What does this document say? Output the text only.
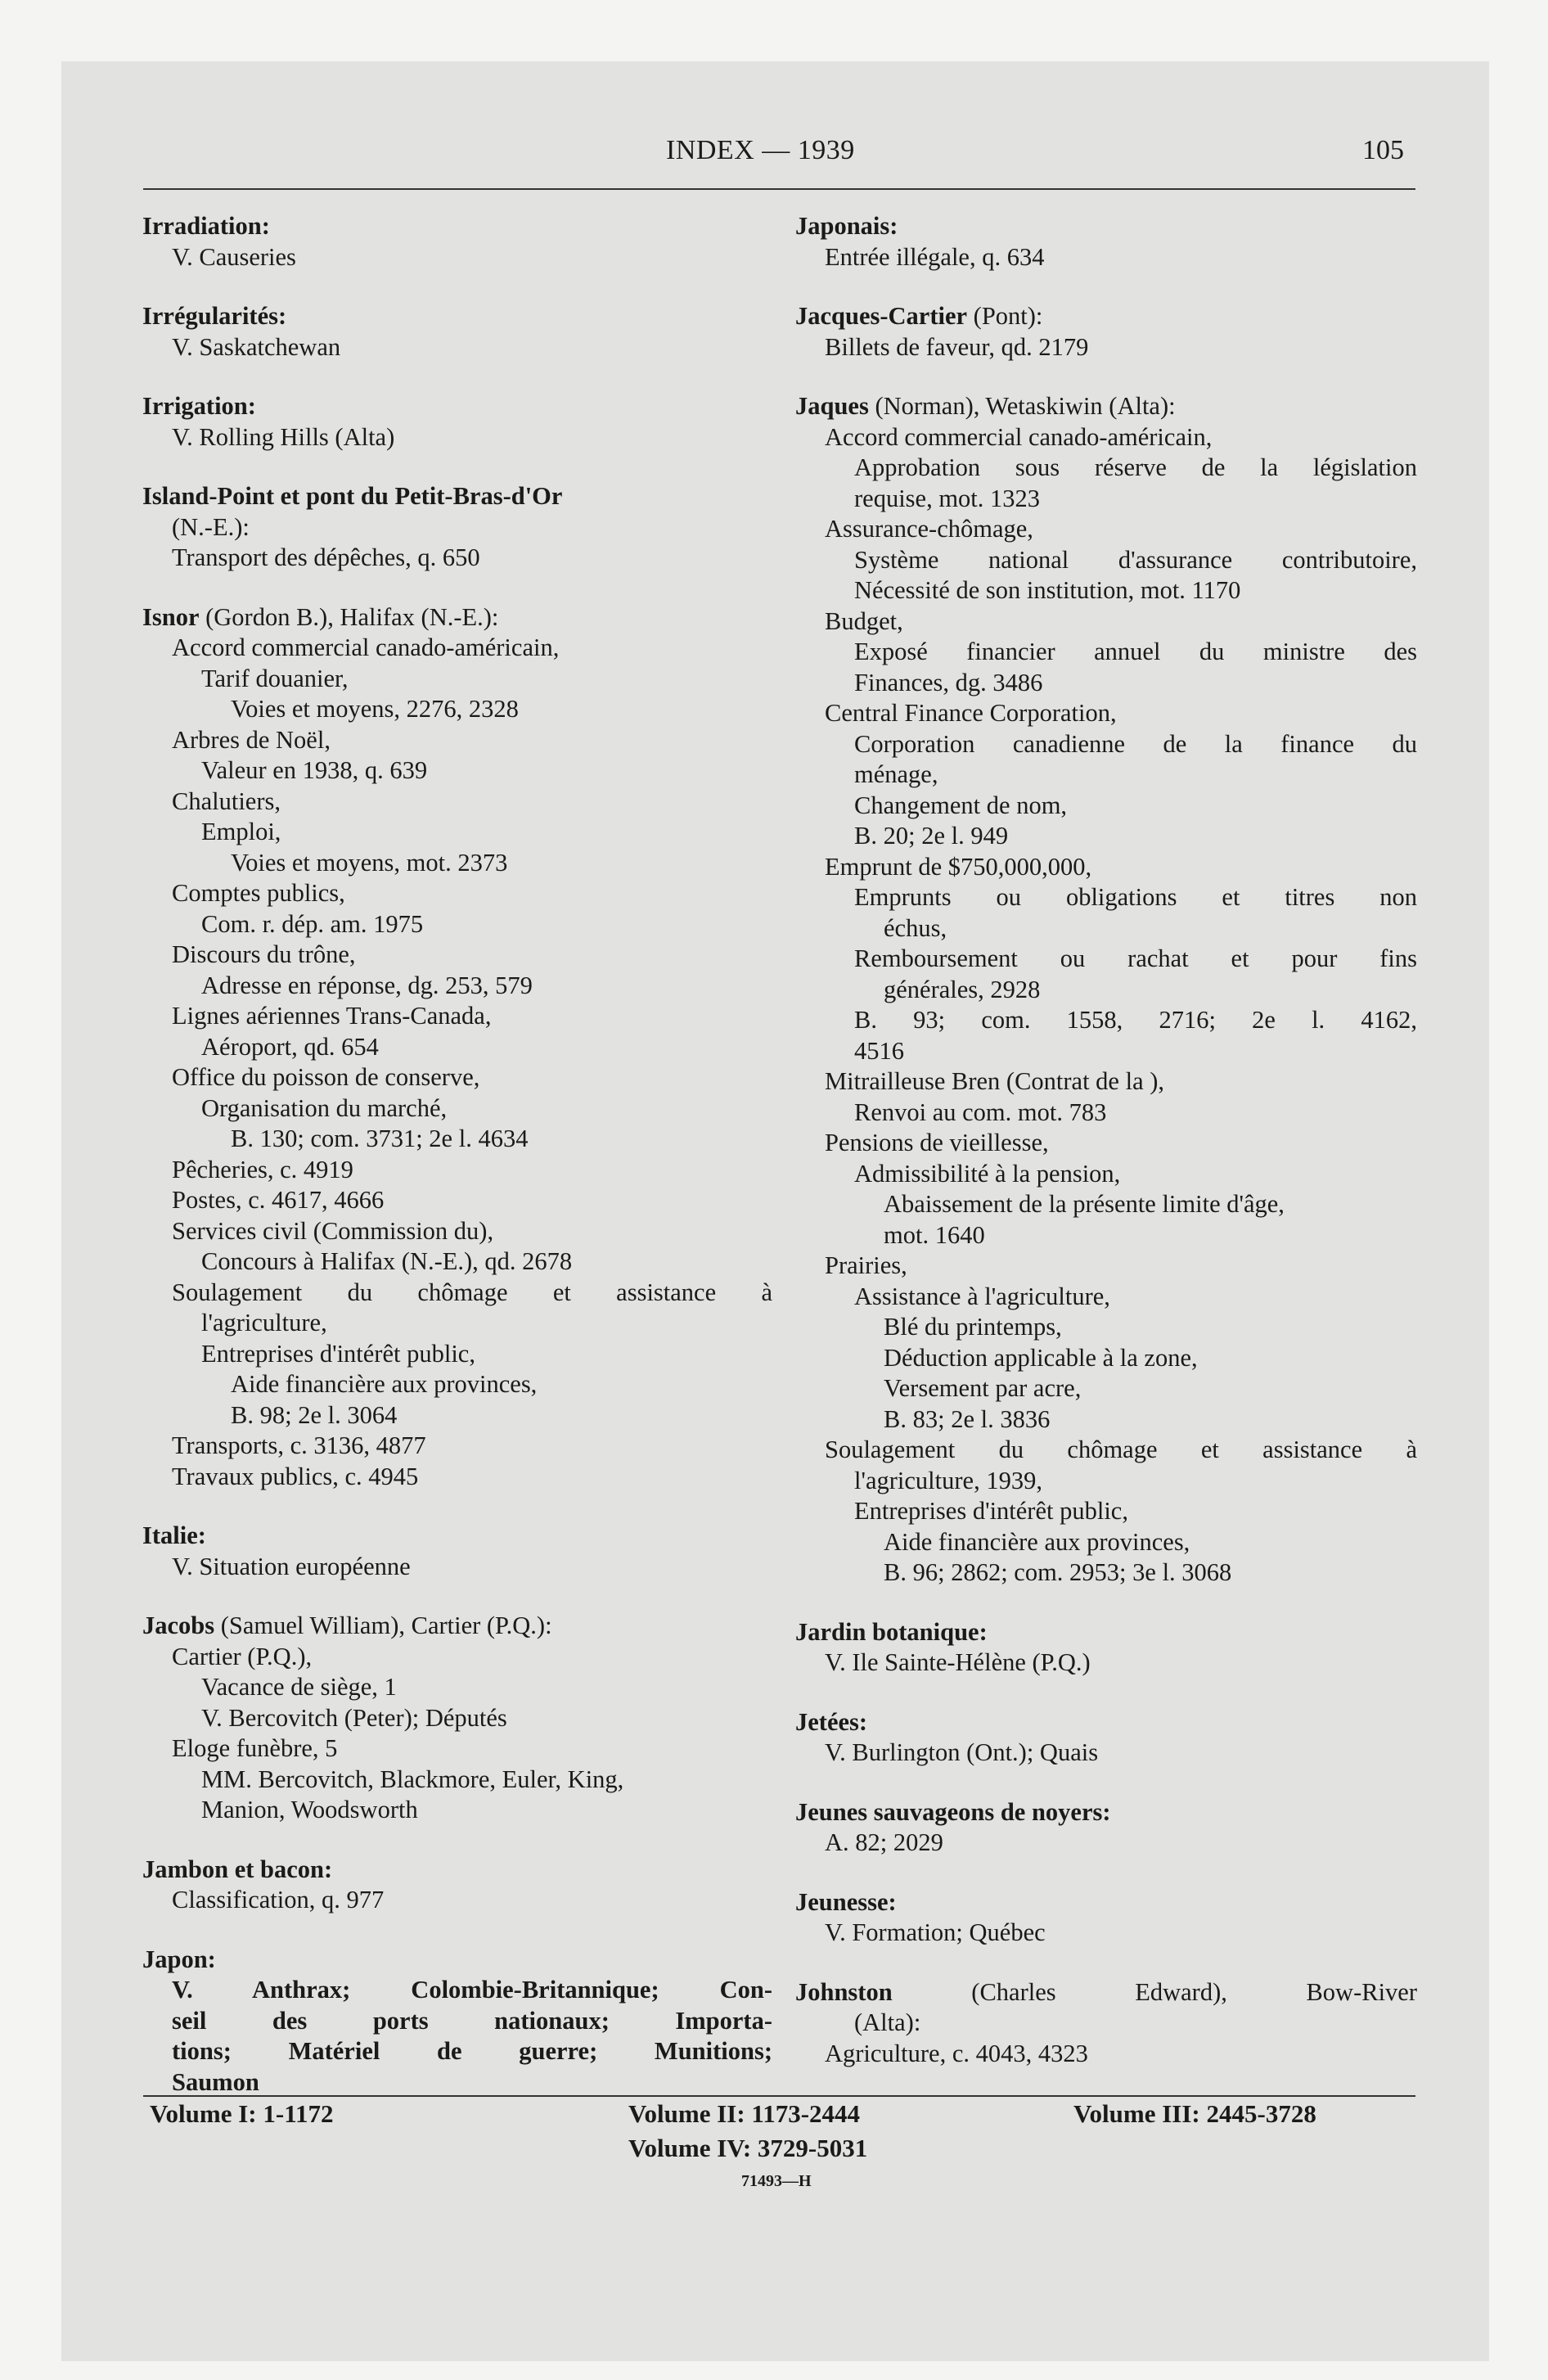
INDEX — 1939	105
Irradiation:
V. Causeries
Irrégularités:
V. Saskatchewan
Irrigation:
V. Rolling Hills (Alta)
Island-Point et pont du Petit-Bras-d'Or
(N.-E.):
Transport des dépêches, q. 650
Isnor (Gordon B.), Halifax (N.-E.):
Accord commercial canado-américain,
Tarif douanier,
Voies et moyens, 2276, 2328
Arbres de Noël,
Valeur en 1938, q. 639
Chalutiers,
Emploi,
Voies et moyens, mot. 2373
Comptes publics,
Com. r. dép. am. 1975
Discours du trône,
Adresse en réponse, dg. 253, 579
Lignes aériennes Trans-Canada,
Aéroport, qd. 654
Office du poisson de conserve,
Organisation du marché,
B. 130; com. 3731; 2e l. 4634
Pêcheries, c. 4919
Postes, c. 4617, 4666
Services civil (Commission du),
Concours à Halifax (N.-E.), qd. 2678
Soulagement du chômage et assistance à
l'agriculture,
Entreprises d'intérêt public,
Aide financière aux provinces,
B. 98; 2e l. 3064
Transports, c. 3136, 4877
Travaux publics, c. 4945
Italie:
V. Situation européenne
Jacobs (Samuel William), Cartier (P.Q.):
Cartier (P.Q.),
Vacance de siège, 1
V. Bercovitch (Peter); Députés
Eloge funèbre, 5
MM. Bercovitch, Blackmore, Euler, King,
Manion, Woodsworth
Jambon et bacon:
Classification, q. 977
Japon:
V. Anthrax; Colombie-Britannique; Con-
seil des ports nationaux; Importa-
tions; Matériel de guerre; Munitions;
Saumon
Japonais:
Entrée illégale, q. 634
Jacques-Cartier (Pont):
Billets de faveur, qd. 2179
Jaques (Norman), Wetaskiwin (Alta):
Accord commercial canado-américain,
Approbation sous réserve de la législation
requise, mot. 1323
Assurance-chômage,
Système national d'assurance contributoire,
Nécessité de son institution, mot. 1170
Budget,
Exposé financier annuel du ministre des
Finances, dg. 3486
Central Finance Corporation,
Corporation canadienne de la finance du
ménage,
Changement de nom,
B. 20; 2e l. 949
Emprunt de $750,000,000,
Emprunts ou obligations et titres non
échus,
Remboursement ou rachat et pour fins
générales, 2928
B. 93; com. 1558, 2716; 2e l. 4162,
4516
Mitrailleuse Bren (Contrat de la ),
Renvoi au com. mot. 783
Pensions de vieillesse,
Admissibilité à la pension,
Abaissement de la présente limite d'âge,
mot. 1640
Prairies,
Assistance à l'agriculture,
Blé du printemps,
Déduction applicable à la zone,
Versement par acre,
B. 83; 2e l. 3836
Soulagement du chômage et assistance à
l'agriculture, 1939,
Entreprises d'intérêt public,
Aide financière aux provinces,
B. 96; 2862; com. 2953; 3e l. 3068
Jardin botanique:
V. Ile Sainte-Hélène (P.Q.)
Jetées:
V. Burlington (Ont.); Quais
Jeunes sauvageons de noyers:
A. 82; 2029
Jeunesse:
V. Formation; Québec
Johnston	(Charles Edward), Bow-River
(Alta):
Agriculture, c. 4043, 4323
Volume I: 1-1172	Volume II: 1173-2444	Volume III: 2445-3728
Volume IV: 3729-5031
71493—H
